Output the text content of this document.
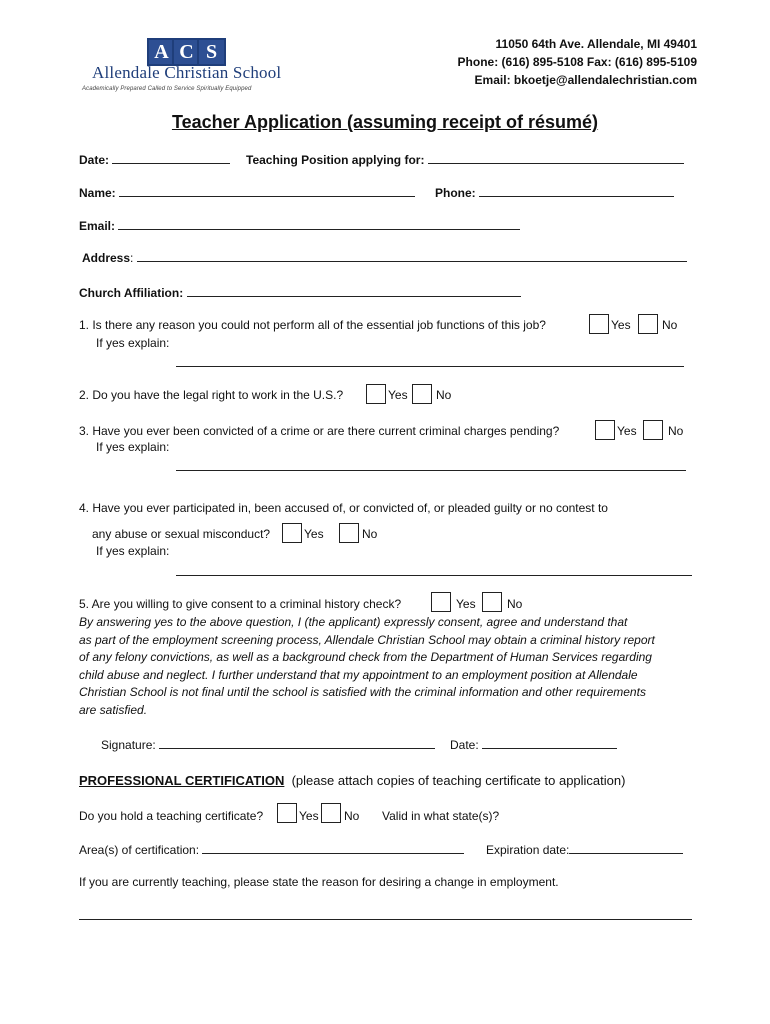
A C S
Allendale Christian School
Academically Prepared Called to Service Spiritually Equipped
11050 64th Ave. Allendale, MI 49401
Phone: (616) 895-5108 Fax: (616) 895-5109
Email: bkoetje@allendalechristian.com
Teacher Application (assuming receipt of résumé)
Date:	Teaching Position applying for:
Name:	Phone:
Email:
Address:
Church Affiliation:
1. Is there any reason you could not perform all of the essential job functions of this job?	Yes	No
If yes explain:
2. Do you have the legal right to work in the U.S.?	Yes No
3. Have you ever been convicted of a crime or are there current criminal charges pending?	Yes	No
If yes explain:
4. Have you ever participated in, been accused of, or convicted of, or pleaded guilty or no contest to
any abuse or sexual misconduct?	Yes	No
If yes explain:
5. Are you willing to give consent to a criminal history check?	Yes	No
By answering yes to the above question, I (the applicant) expressly consent, agree and understand that
as part of the employment screening process, Allendale Christian School may obtain a criminal history report
of any felony convictions, as well as a background check from the Department of Human Services regarding
child abuse and neglect. I further understand that my appointment to an employment position at Allendale
Christian School is not final until the school is satisfied with the criminal information and other requirements
are satisfied.
Signature:	Date:
PROFESSIONAL CERTIFICATION (please attach copies of teaching certificate to application)
Do you hold a teaching certificate?	Yes No Valid in what state(s)?
Area(s) of certification:	Expiration date:
If you are currently teaching, please state the reason for desiring a change in employment.
